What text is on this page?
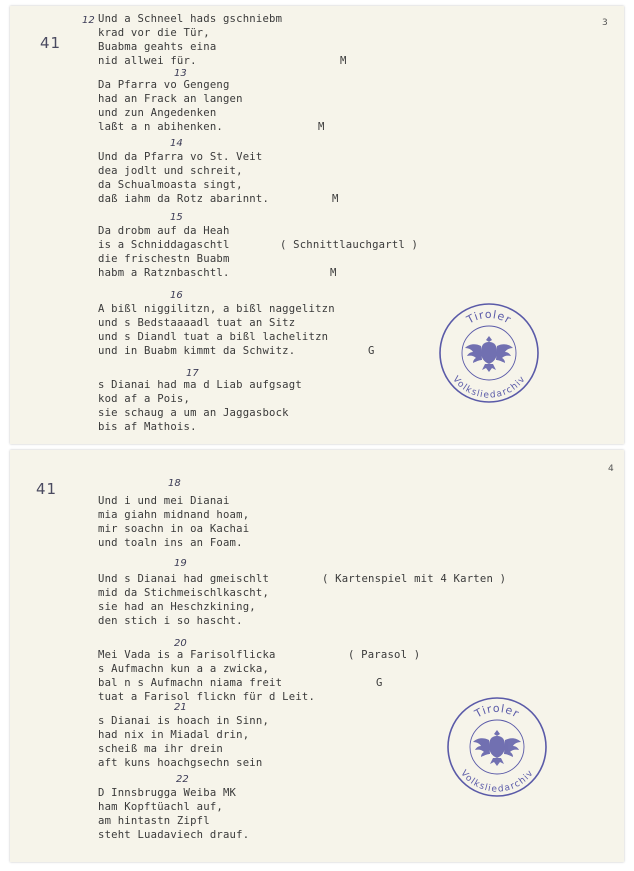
41
3
12 Und a Schneel hads gschniebm
krad vor die Tür,
Buabma geahts eina
nid allwei für.	M
13
Da Pfarra vo Gengeng
had an Frack an langen
und zun Angedenken
laßt a n abihenken.	M
14
Und da Pfarra vo St. Veit
dea jodlt und schreit,
da Schualmoasta singt,
daß iahm da Rotz abarinnt.	M
15
Da drobm auf da Heah
is a Schniddagaschtl	( Schnittlauchgartl )
die frischestn Buabm
habm a Ratznbaschtl.	M
16
A bißl niggilitzn, a bißl naggelitzn
und s Bedstaaaadl tuat an Sitz
und s Diandl tuat a bißl lachelitzn
und in Buabm kimmt da Schwitz.	G
17
s Dianai had ma d Liab aufgsagt
kod af a Pois,
sie schaug a um an Jaggasbock
bis af Mathois.
Tiroler
Volksliedarchiv
41
4
18
Und i und mei Dianai
mia giahn midnand hoam,
mir soachn in oa Kachai
und toaln ins an Foam.
19
Und s Dianai had gmeischlt	( Kartenspiel mit 4 Karten )
mid da Stichmeischlkascht,
sie had an Heschzkining,
den stich i so hascht.
20
Mei Vada is a Farisolflicka	( Parasol )
s Aufmachn kun a a zwicka,
bal n s Aufmachn niama freit	G
tuat a Farisol flickn für d Leit.
21
s Dianai is hoach in Sinn,
had nix in Miadal drin,
scheiß ma ihr drein
aft kuns hoachgsechn sein
22
D Innsbrugga Weiba MK
ham Kopftüachl auf,
am hintastn Zipfl
steht Luadaviech drauf.
Tiroler
Volksliedarchiv
